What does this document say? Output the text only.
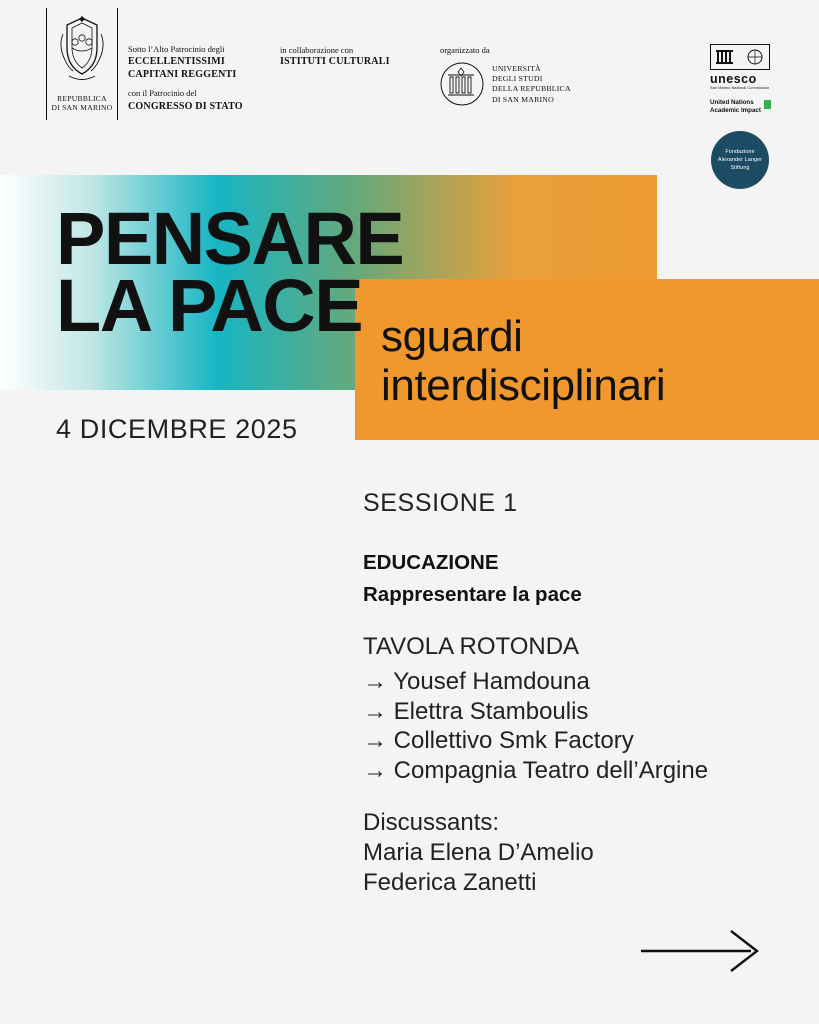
REPUBBLICA
DI SAN MARINO
Sotto l’Alto Patrocinio degli
ECCELLENTISSIMI
CAPITANI REGGENTI
con il Patrocinio del
CONGRESSO DI STATO
in collaborazione con
ISTITUTI CULTURALI
organizzato da
UNIVERSITÀ
DEGLI STUDI
DELLA REPUBBLICA
DI SAN MARINO
unesco
San Marino National Commission
United Nations
Academic Impact
Fondazione
Alexander Langer
Stiftung
PENSARE
LA PACE sguardi
interdisciplinari
4 DICEMBRE 2025
SESSIONE 1
EDUCAZIONE
Rappresentare la pace
TAVOLA ROTONDA
→ Yousef Hamdouna
→ Elettra Stamboulis
→ Collettivo Smk Factory
→ Compagnia Teatro dell’Argine
Discussants:
Maria Elena D’Amelio
Federica Zanetti
